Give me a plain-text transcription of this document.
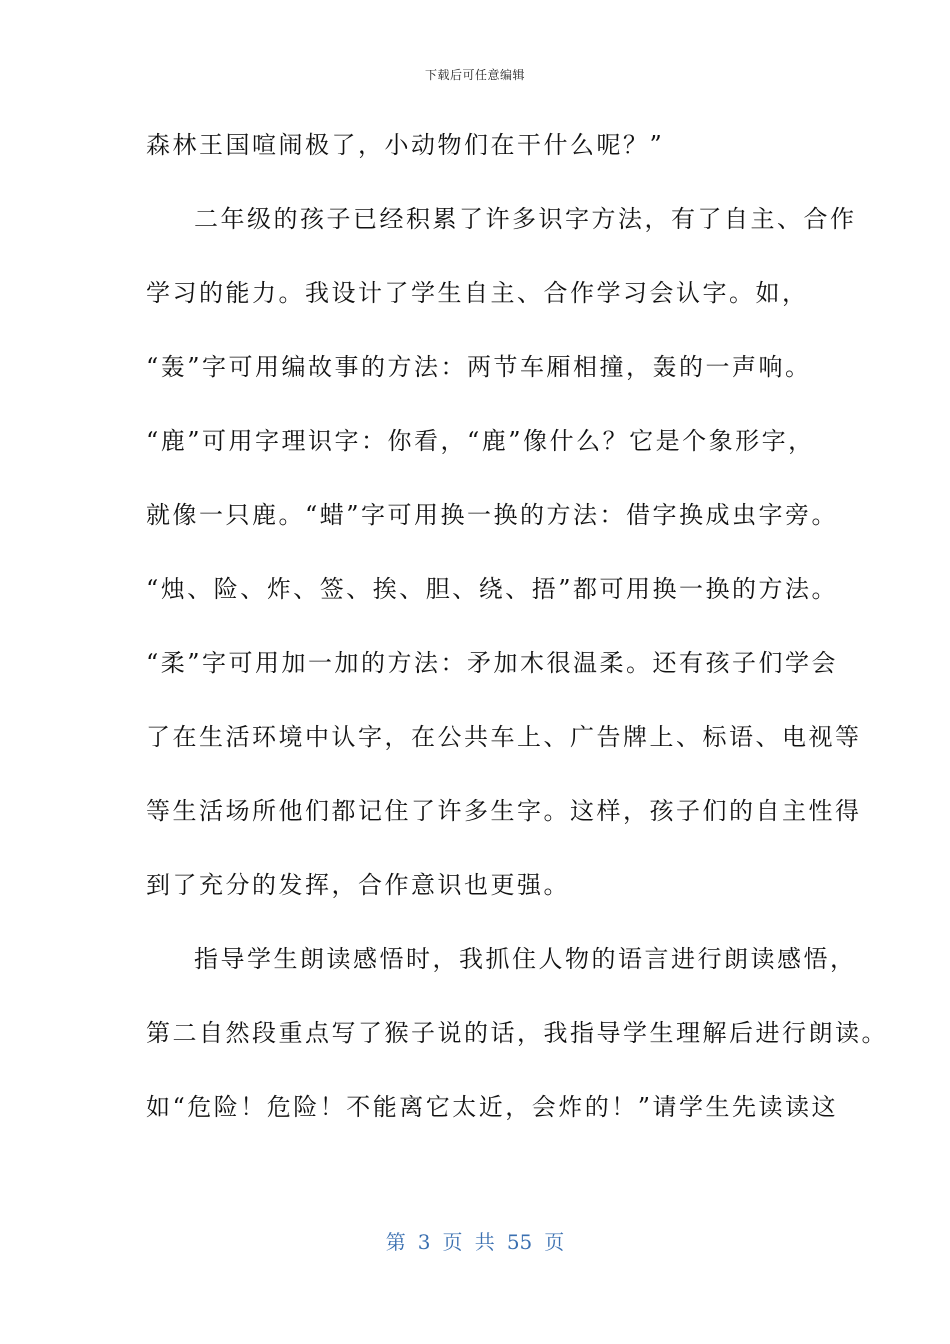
下载后可任意编辑
森林王国喧闹极了，小动物们在干什么呢？”
二年级的孩子已经积累了许多识字方法，有了自主、合作
学习的能力。我设计了学生自主、合作学习会认字。如，
“轰”字可用编故事的方法：两节车厢相撞，轰的一声响。
“鹿”可用字理识字：你看，“鹿”像什么？它是个象形字，
就像一只鹿。“蜡”字可用换一换的方法：借字换成虫字旁。
“烛、险、炸、签、挨、胆、绕、捂”都可用换一换的方法。
“柔”字可用加一加的方法：矛加木很温柔。还有孩子们学会
了在生活环境中认字，在公共车上、广告牌上、标语、电视等
等生活场所他们都记住了许多生字。这样，孩子们的自主性得
到了充分的发挥，合作意识也更强。
指导学生朗读感悟时，我抓住人物的语言进行朗读感悟，
第二自然段重点写了猴子说的话，我指导学生理解后进行朗读。
如“危险！危险！不能离它太近，会炸的！”请学生先读读这
第 3 页 共 55 页
